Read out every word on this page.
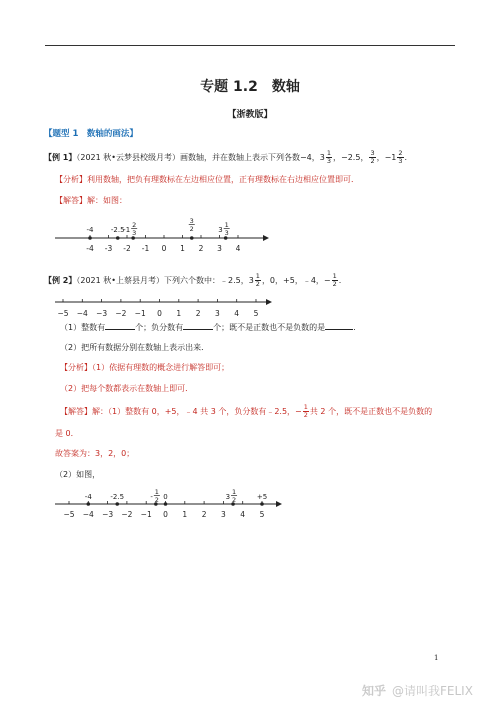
专题 1.2　数轴
【浙教版】
【题型 1　数轴的画法】
【例 1】（2021 秋•云梦县校级月考）画数轴，并在数轴上表示下列各数−4，$3 \frac{1}{3}$ ，−2.5， $\frac{3}{2}$ ，$-1 \frac{2}{3}$ .
【分析】利用数轴，把负有理数标在左边相应位置，正有理数标在右边相应位置即可．
【解答】解：如图：
-4 -3 -2 -1 0 1 2 3 4
-4 -2.5
-1
2
3
3
2	3
1
3
【例 2】（2021 秋•上蔡县月考）下列六个数中：﹣2.5，$3 \frac{1}{2}$ ，0，+5，﹣4，− $\frac{1}{2}$ .
−5 −4 −3 −2 −1 0 1 2 3 4 5
（1）整数有	个；负分数有	个；既不是正数也不是负数的是	.
（2）把所有数据分别在数轴上表示出来．
【分析】（1）依据有理数的概念进行解答即可；
（2）把每个数都表示在数轴上即可．
【解答】解：（1）整数有 0，+5，﹣4 共 3 个，负分数有﹣2.5，− $\frac{1}{2}$ 共 2 个，既不是正数也不是负数的
是 0．
故答案为：3，2，0；
（2）如图，
−5 −4 −3 −2 −1 0 1 2 3 4 5
-4	-2.5	-
1
2 0	3
1
2	+5
1
知乎 @请叫我FELIX
